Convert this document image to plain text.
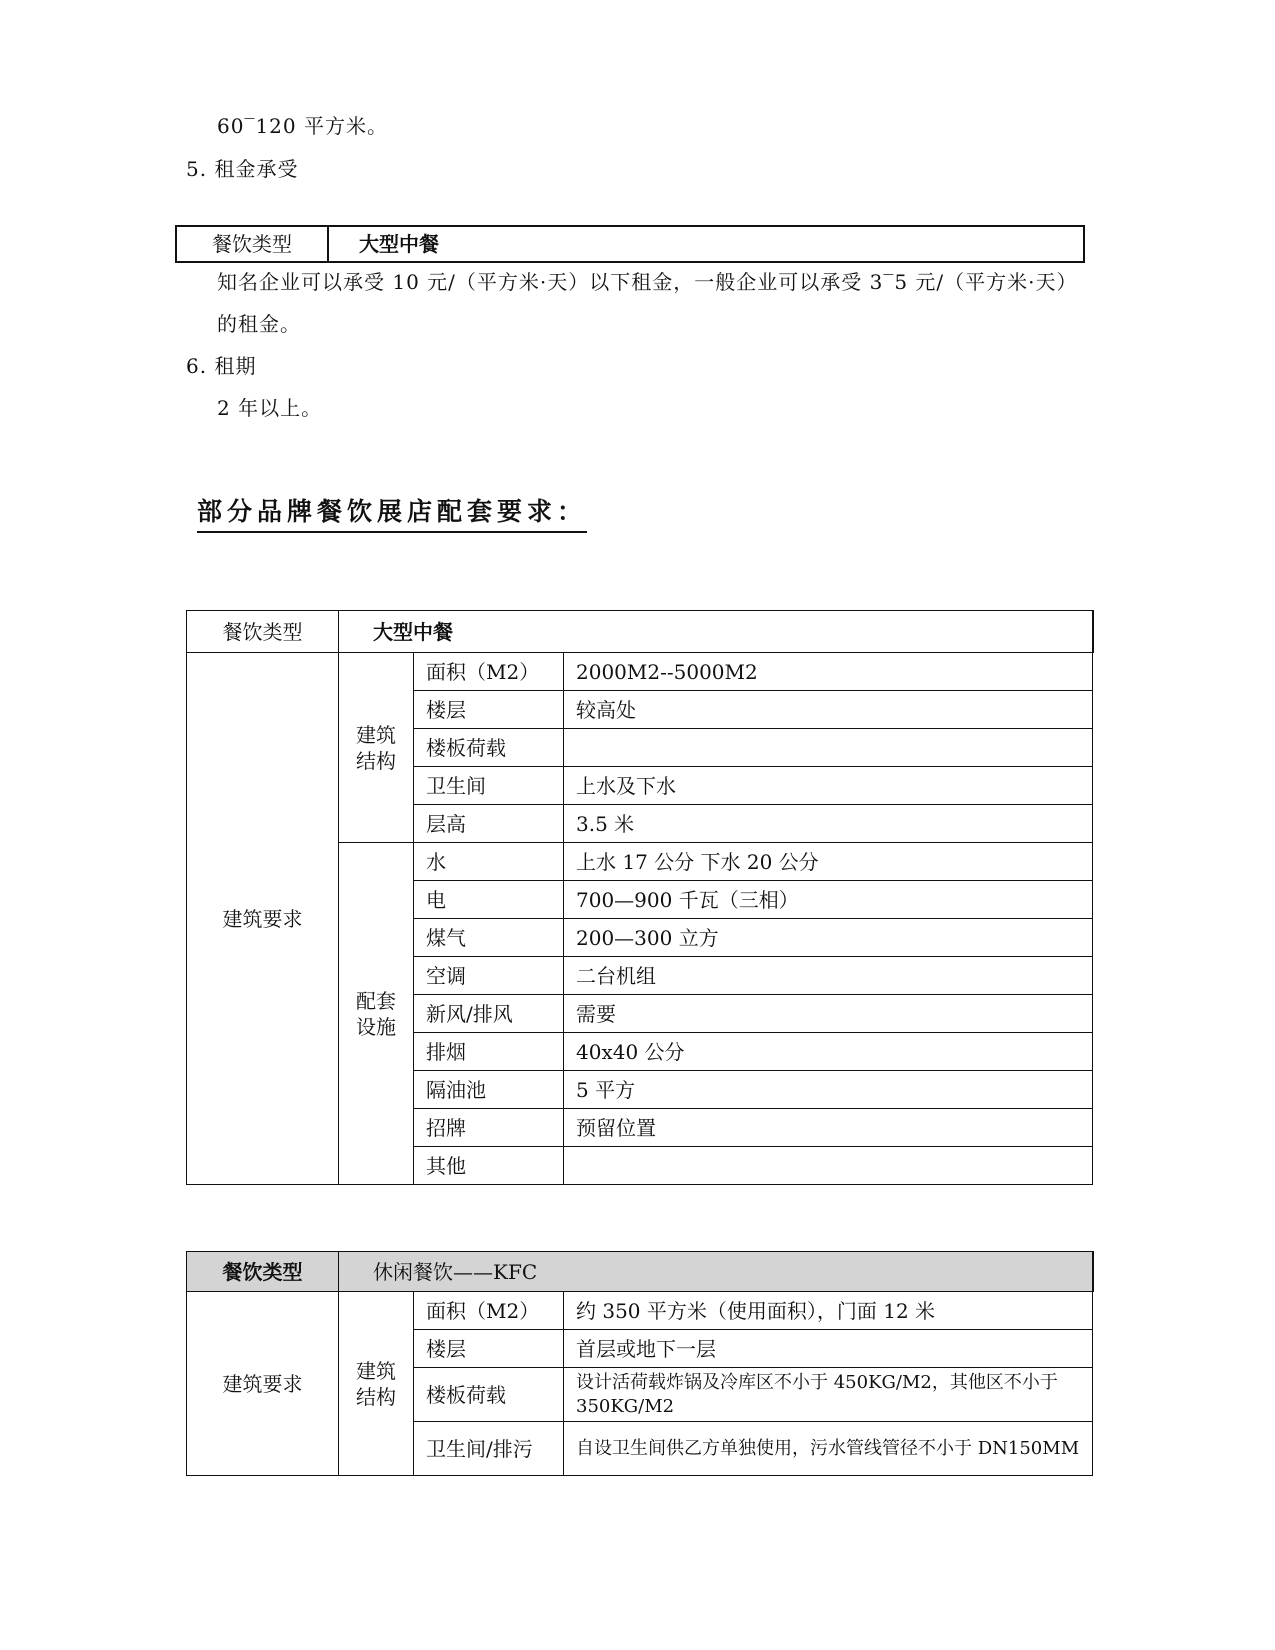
60‾120 平方米。
5. 租金承受
餐饮类型	大型中餐
知名企业可以承受 10 元/（平方米·天）以下租金，一般企业可以承受 3‾5 元/（平方米·天）
的租金。
6. 租期
2 年以上。
部分品牌餐饮展店配套要求：
餐饮类型	大型中餐		
建筑要求	建筑结构	面积（M2）	2000M2--5000M2
		楼层	较高处
		楼板荷载	
		卫生间	上水及下水
		层高	3.5 米
	配套设施	水	上水 17 公分 下水 20 公分
		电	700—900 千瓦（三相）
		煤气	200—300 立方
		空调	二台机组
		新风/排风	需要
		排烟	40x40 公分
		隔油池	5 平方
		招牌	预留位置
		其他	
餐饮类型	休闲餐饮——KFC		
建筑要求	建筑结构	面积（M2）	约 350 平方米（使用面积），门面 12 米
		楼层	首层或地下一层
		楼板荷载	设计活荷载炸锅及冷库区不小于 450KG/M2，其他区不小于 350KG/M2
		卫生间/排污	自设卫生间供乙方单独使用，污水管线管径不小于 DN150MM
